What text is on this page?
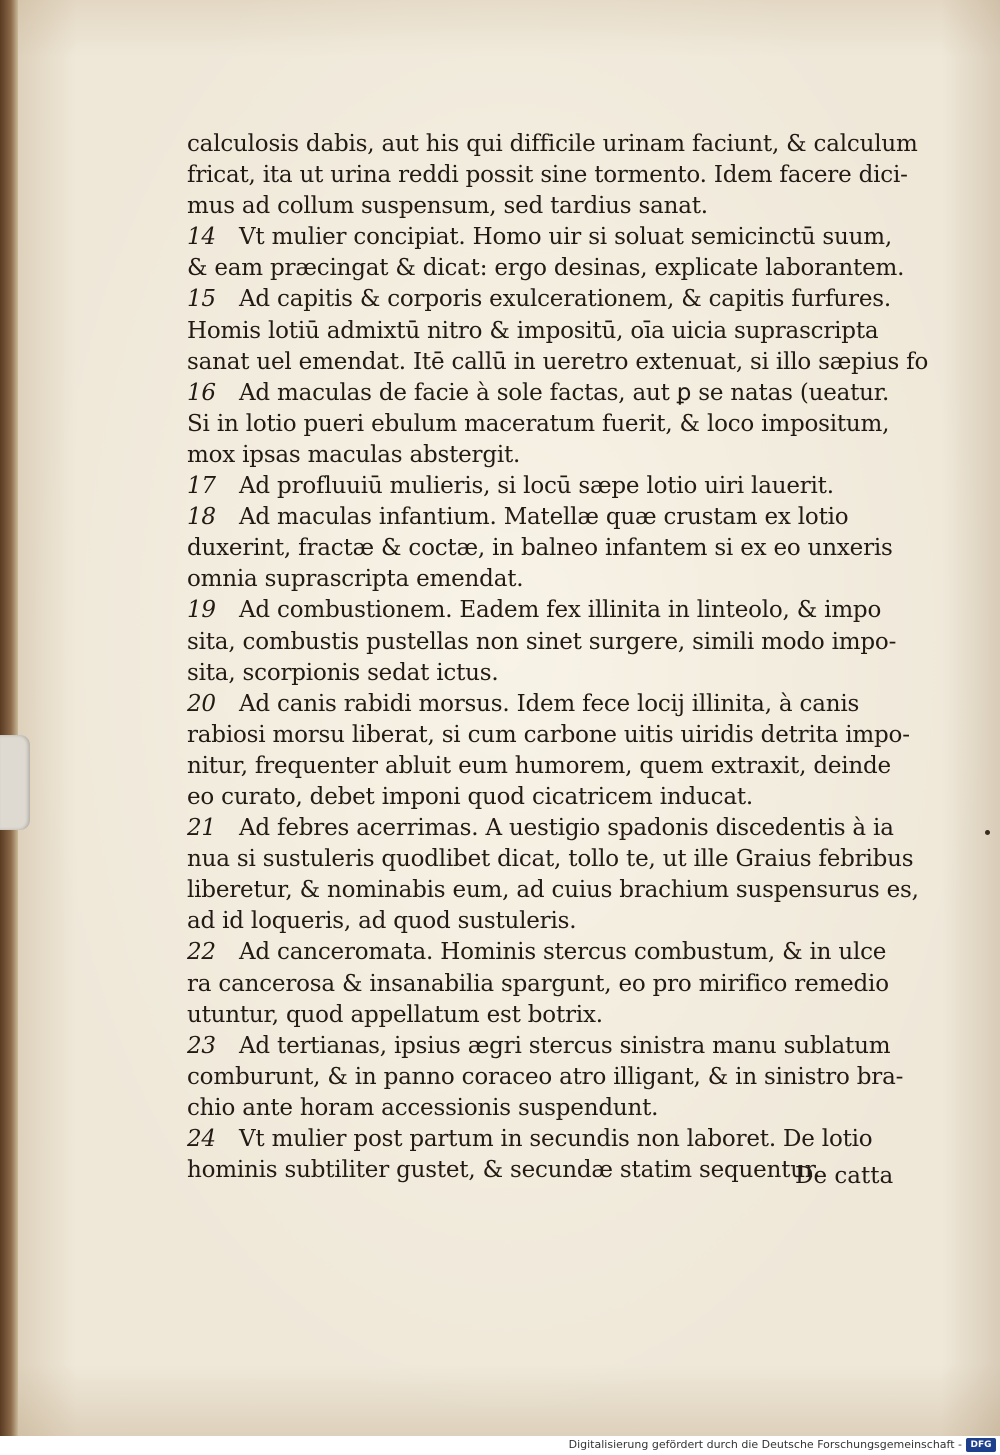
calculosis dabis, aut his qui difficile urinam faciunt, & calculum
fricat, ita ut urina reddi possit sine tormento. Idem facere dici-
mus ad collum suspensum, sed tardius sanat.
14 Vt mulier concipiat. Homo uir si soluat semicinctū suum,
& eam præcingat & dicat: ergo desinas, explicate laborantem.
15 Ad capitis & corporis exulcerationem, & capitis furfures.
Homis lotiū admixtū nitro & impositū, oīa uicia suprascripta
sanat uel emendat. Itē callū in ueretro extenuat, si illo sæpius fo
16 Ad maculas de facie à sole factas, aut ꝑ se natas (ueatur.
Si in lotio pueri ebulum maceratum fuerit, & loco impositum,
mox ipsas maculas abstergit.
17 Ad profluuiū mulieris, si locū sæpe lotio uiri lauerit.
18 Ad maculas infantium. Matellæ quæ crustam ex lotio
duxerint, fractæ & coctæ, in balneo infantem si ex eo unxeris
omnia suprascripta emendat.
19 Ad combustionem. Eadem fex illinita in linteolo, & impo
sita, combustis pustellas non sinet surgere, simili modo impo-
sita, scorpionis sedat ictus.
20 Ad canis rabidi morsus. Idem fece locij illinita, à canis
rabiosi morsu liberat, si cum carbone uitis uiridis detrita impo-
nitur, frequenter abluit eum humorem, quem extraxit, deinde
eo curato, debet imponi quod cicatricem inducat.
21 Ad febres acerrimas. A uestigio spadonis discedentis à ia
nua si sustuleris quodlibet dicat, tollo te, ut ille Graius febribus
liberetur, & nominabis eum, ad cuius brachium suspensurus es,
ad id loqueris, ad quod sustuleris.
22 Ad canceromata. Hominis stercus combustum, & in ulce
ra cancerosa & insanabilia spargunt, eo pro mirifico remedio
utuntur, quod appellatum est botrix.
23 Ad tertianas, ipsius ægri stercus sinistra manu sublatum
comburunt, & in panno coraceo atro illigant, & in sinistro bra-
chio ante horam accessionis suspendunt.
24 Vt mulier post partum in secundis non laboret. De lotio
hominis subtiliter gustet, & secundæ statim sequentur.
De catta
Digitalisierung gefördert durch die Deutsche Forschungsgemeinschaft - DFG
